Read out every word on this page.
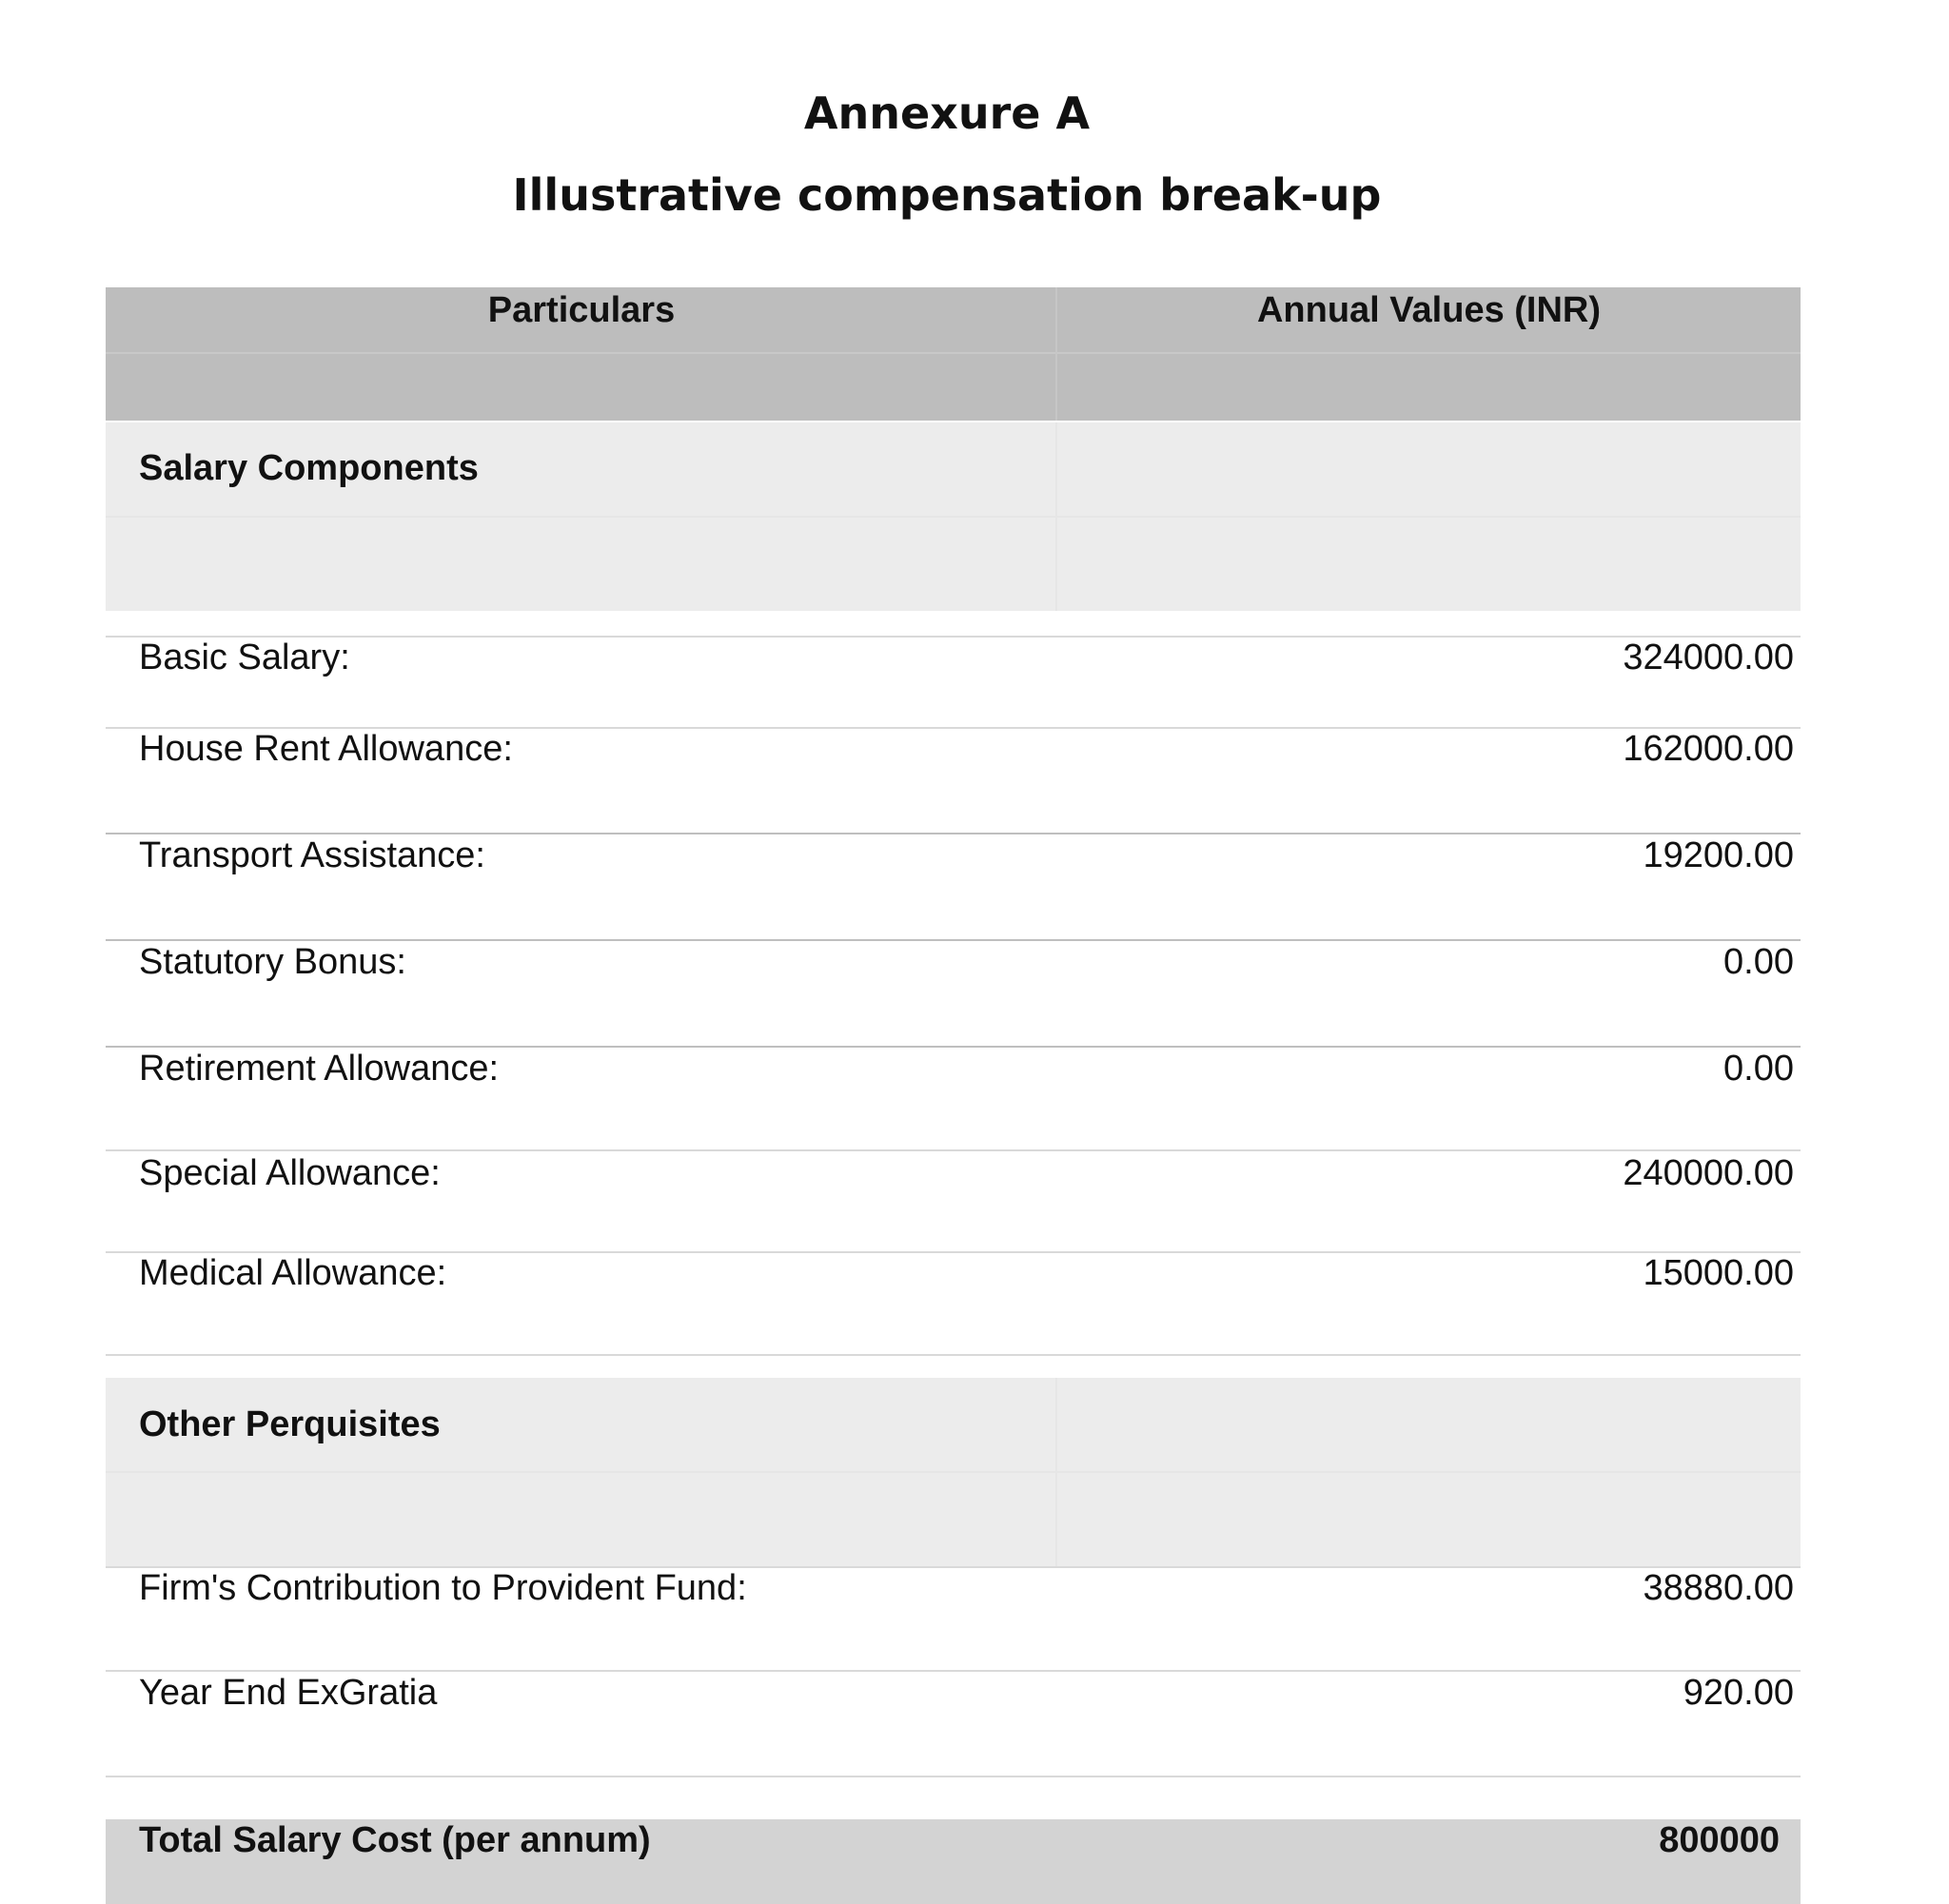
Annexure A
Illustrative compensation break-up
Particulars	Annual Values (INR)
Salary Components
Basic Salary:	324000.00
House Rent Allowance:	162000.00
Transport Assistance:	19200.00
Statutory Bonus:	0.00
Retirement Allowance:	0.00
Special Allowance:	240000.00
Medical Allowance:	15000.00
Other Perquisites
Firm's Contribution to Provident Fund:	38880.00
Year End ExGratia	920.00
Total Salary Cost (per annum)	800000
